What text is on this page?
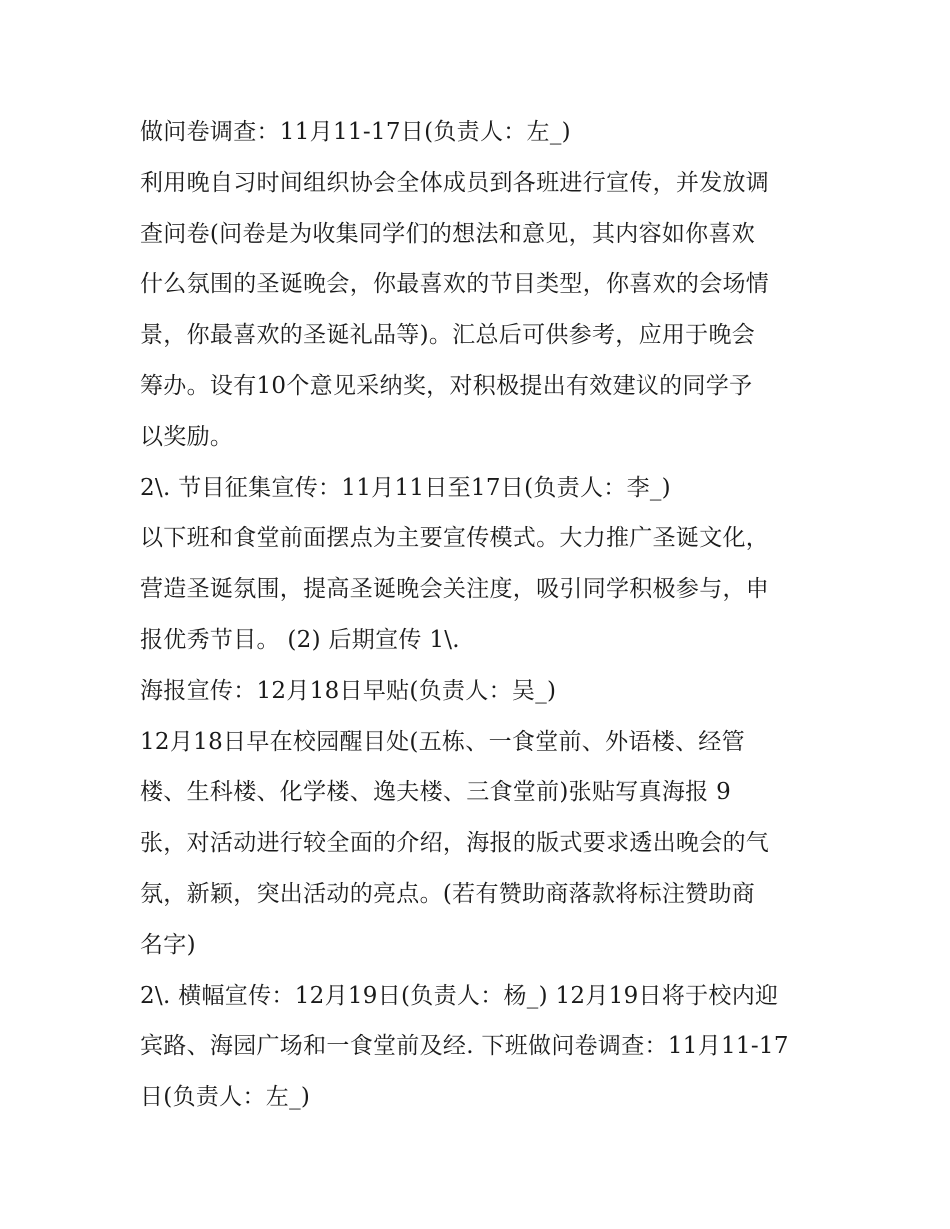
做问卷调查：11月11-17日(负责人：左_)
利用晚自习时间组织协会全体成员到各班进行宣传，并发放调
查问卷(问卷是为收集同学们的想法和意见，其内容如你喜欢
什么氛围的圣诞晚会，你最喜欢的节目类型，你喜欢的会场情
景，你最喜欢的圣诞礼品等)。汇总后可供参考，应用于晚会
筹办。设有10个意见采纳奖，对积极提出有效建议的同学予
以奖励。
2\. 节目征集宣传：11月11日至17日(负责人：李_)
以下班和食堂前面摆点为主要宣传模式。大力推广圣诞文化，
营造圣诞氛围，提高圣诞晚会关注度，吸引同学积极参与，申
报优秀节目。 (2) 后期宣传 1\.
海报宣传：12月18日早贴(负责人：吴_)
12月18日早在校园醒目处(五栋、一食堂前、外语楼、经管
楼、生科楼、化学楼、逸夫楼、三食堂前)张贴写真海报 9
张，对活动进行较全面的介绍，海报的版式要求透出晚会的气
氛，新颖，突出活动的亮点。(若有赞助商落款将标注赞助商
名字)
2\. 横幅宣传：12月19日(负责人：杨_) 12月19日将于校内迎
宾路、海园广场和一食堂前及经. 下班做问卷调查：11月11-17
日(负责人：左_)
